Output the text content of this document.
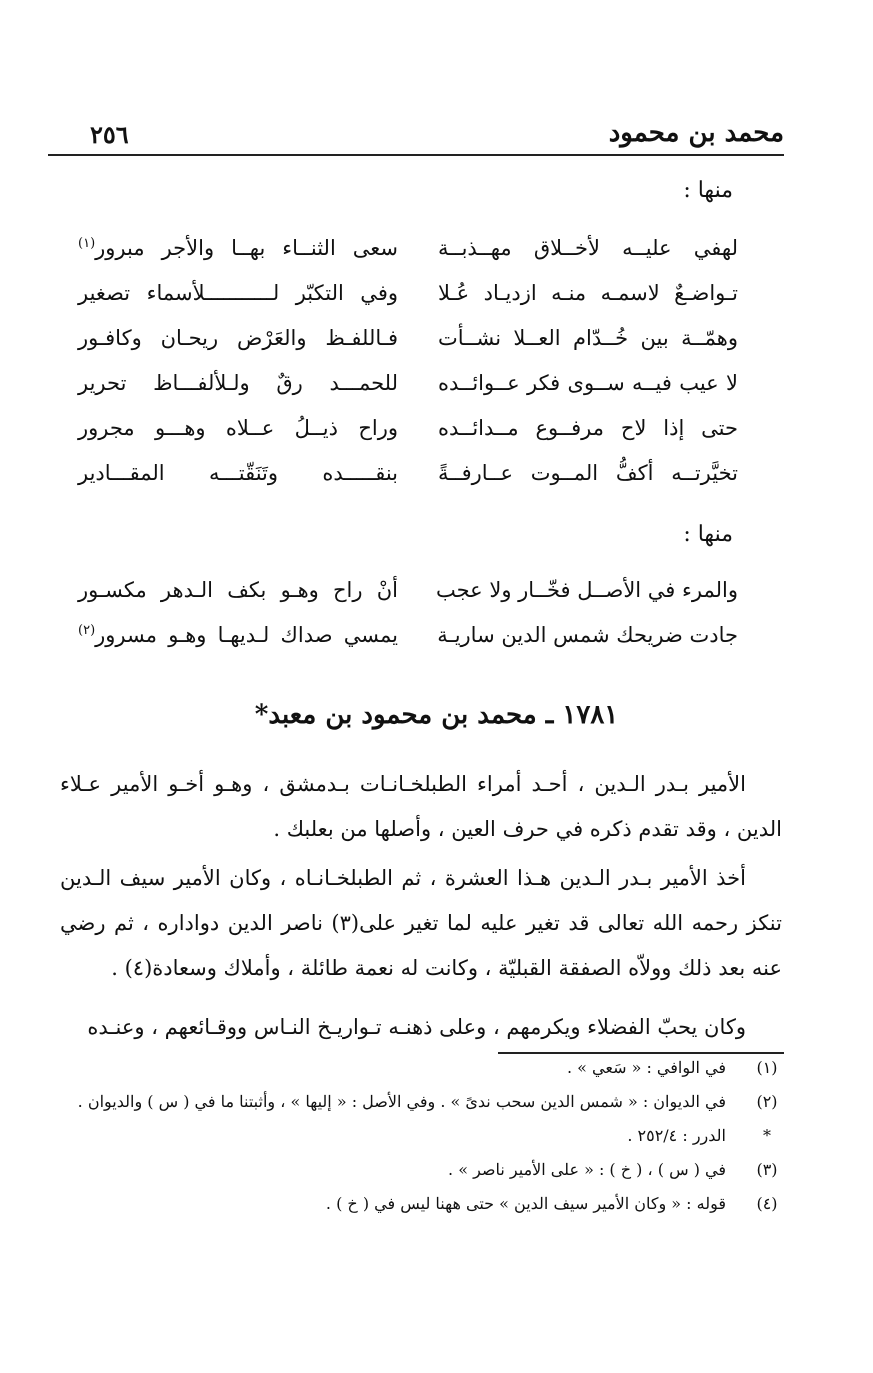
محمد بن محمود
٢٥٦
منها :
لهفي عليــه لأخــلاق مهــذبــة
سعى الثنــاء بهــا والأجر مبرور$^{(١)}$
تـواضـعٌ لاسمـه منـه ازديـاد عُـلا
وفي التكبّر لـــــــــــلأسماء تصغير
وهمّــة بين خُــدّام العــلا نشــأت
فـاللفـظ والعَرْض ريحـان وكافـور
لا عيب فيــه ســوى فكر عــوائــده
للحمـــد رقٌ ولـلألفـــاظ تحرير
حتى إذا لاح مرفــوع مــدائــده
وراح ذيــلُ عــلاه وهـــو مجرور
تخيَّرتــه أكفُّ المــوت عــارفــةً
بنقـــــده وتَنَقّتـــه المقـــادير
منها :
والمرء في الأصــل فخّــار ولا عجب
أنْ راح وهـو بكف الـدهر مكسـور
جادت ضريحك شمس الدين ساريـة
يمسي صداك لـديهـا وهـو مسرور$^{(٢)}$
١٧٨١ ـ محمد بن محمود بن معبد*
الأمير بـدر الـدين ، أحـد أمراء الطبلخـانـات بـدمشق ، وهـو أخـو الأمير عـلاء الدين ، وقد تقدم ذكره في حرف العين ، وأصلها من بعلبك .
أخذ الأمير بـدر الـدين هـذا العشرة ، ثم الطبلخـانـاه ، وكان الأمير سيف الـدين تنكز رحمه الله تعالى قد تغير عليه لما تغير على(٣) ناصر الدين دواداره ، ثم رضي عنه بعد ذلك وولاّه الصفقة القبليّة ، وكانت له نعمة طائلة ، وأملاك وسعادة(٤) .
وكان يحبّ الفضلاء ويكرمهم ، وعلى ذهنـه تـواريـخ النـاس ووقـائعهم ، وعنـده
(١)
في الوافي : « سَعي » .
(٢)
في الديوان : « شمس الدين سحب ندىً » . وفي الأصل : « إليها » ، وأثبتنا ما في ( س ) والديوان .
*
الدرر : ٢٥٢/٤ .
(٣)
في ( س ) ، ( خ ) : « على الأمير ناصر » .
(٤)
قوله : « وكان الأمير سيف الدين » حتى ههنا ليس في ( خ ) .
